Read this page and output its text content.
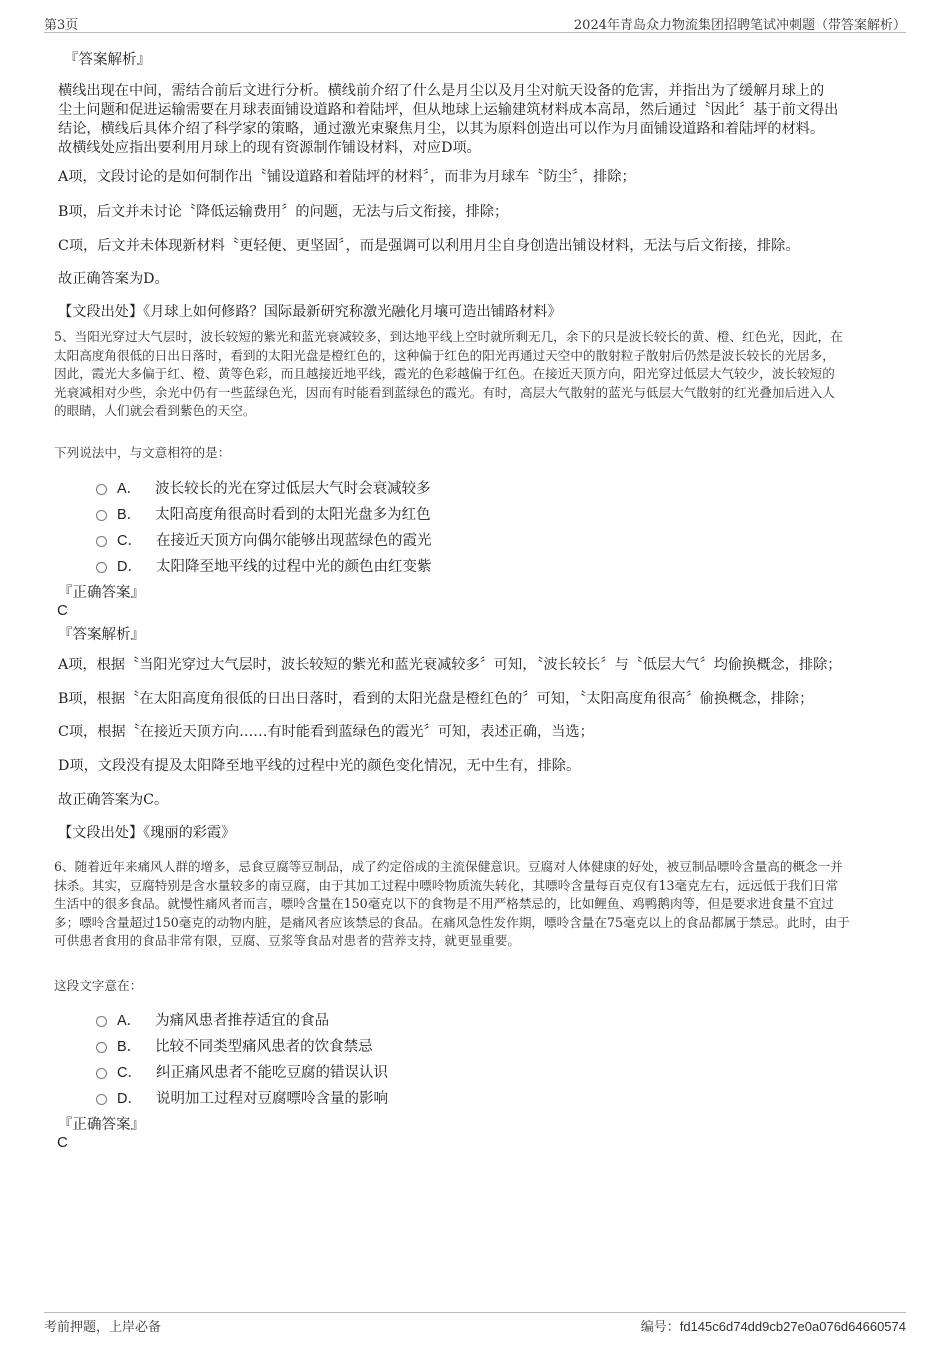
第3页	2024年青岛众力物流集团招聘笔试冲刺题（带答案解析）
『答案解析』
横线出现在中间，需结合前后文进行分析。横线前介绍了什么是月尘以及月尘对航天设备的危害，并指出为了缓解月球上的
尘土问题和促进运输需要在月球表面铺设道路和着陆坪，但从地球上运输建筑材料成本高昂，然后通过〝因此〞基于前文得出
结论，横线后具体介绍了科学家的策略，通过激光束聚焦月尘，以其为原料创造出可以作为月面铺设道路和着陆坪的材料。
故横线处应指出要利用月球上的现有资源制作铺设材料，对应D项。
A项，文段讨论的是如何制作出〝铺设道路和着陆坪的材料〞，而非为月球车〝防尘〞，排除；
B项，后文并未讨论〝降低运输费用〞的问题，无法与后文衔接，排除；
C项，后文并未体现新材料〝更轻便、更坚固〞，而是强调可以利用月尘自身创造出铺设材料，无法与后文衔接，排除。
故正确答案为D。
【文段出处】《月球上如何修路？国际最新研究称激光融化月壤可造出铺路材料》
5、当阳光穿过大气层时，波长较短的紫光和蓝光衰减较多，到达地平线上空时就所剩无几，余下的只是波长较长的黄、橙、红色光，因此，在
太阳高度角很低的日出日落时，看到的太阳光盘是橙红色的，这种偏于红色的阳光再通过天空中的散射粒子散射后仍然是波长较长的光居多，
因此，霞光大多偏于红、橙、黄等色彩，而且越接近地平线，霞光的色彩越偏于红色。在接近天顶方向，阳光穿过低层大气较少，波长较短的
光衰减相对少些，余光中仍有一些蓝绿色光，因而有时能看到蓝绿色的霞光。有时，高层大气散射的蓝光与低层大气散射的红光叠加后进入人
的眼睛，人们就会看到紫色的天空。
下列说法中，与文意相符的是：
A． 波长较长的光在穿过低层大气时会衰减较多
B． 太阳高度角很高时看到的太阳光盘多为红色
C． 在接近天顶方向偶尔能够出现蓝绿色的霞光
D． 太阳降至地平线的过程中光的颜色由红变紫
『正确答案』
C
『答案解析』
A项，根据〝当阳光穿过大气层时，波长较短的紫光和蓝光衰减较多〞可知，〝波长较长〞与〝低层大气〞均偷换概念，排除；
B项，根据〝在太阳高度角很低的日出日落时，看到的太阳光盘是橙红色的〞可知，〝太阳高度角很高〞偷换概念，排除；
C项，根据〝在接近天顶方向……有时能看到蓝绿色的霞光〞可知，表述正确，当选；
D项，文段没有提及太阳降至地平线的过程中光的颜色变化情况，无中生有，排除。
故正确答案为C。
【文段出处】《瑰丽的彩霞》
6、随着近年来痛风人群的增多，忌食豆腐等豆制品，成了约定俗成的主流保健意识。豆腐对人体健康的好处，被豆制品嘌呤含量高的概念一并
抹杀。其实，豆腐特别是含水量较多的南豆腐，由于其加工过程中嘌呤物质流失转化，其嘌呤含量每百克仅有13毫克左右，远远低于我们日常
生活中的很多食品。就慢性痛风者而言，嘌呤含量在150毫克以下的食物是不用严格禁忌的，比如鲤鱼、鸡鸭鹅肉等，但是要求进食量不宜过
多；嘌呤含量超过150毫克的动物内脏，是痛风者应该禁忌的食品。在痛风急性发作期，嘌呤含量在75毫克以上的食品都属于禁忌。此时，由于
可供患者食用的食品非常有限，豆腐、豆浆等食品对患者的营养支持，就更显重要。
这段文字意在：
A． 为痛风患者推荐适宜的食品
B． 比较不同类型痛风患者的饮食禁忌
C． 纠正痛风患者不能吃豆腐的错误认识
D． 说明加工过程对豆腐嘌呤含量的影响
『正确答案』
C
考前押题，上岸必备	编号：fd145c6d74dd9cb27e0a076d64660574
